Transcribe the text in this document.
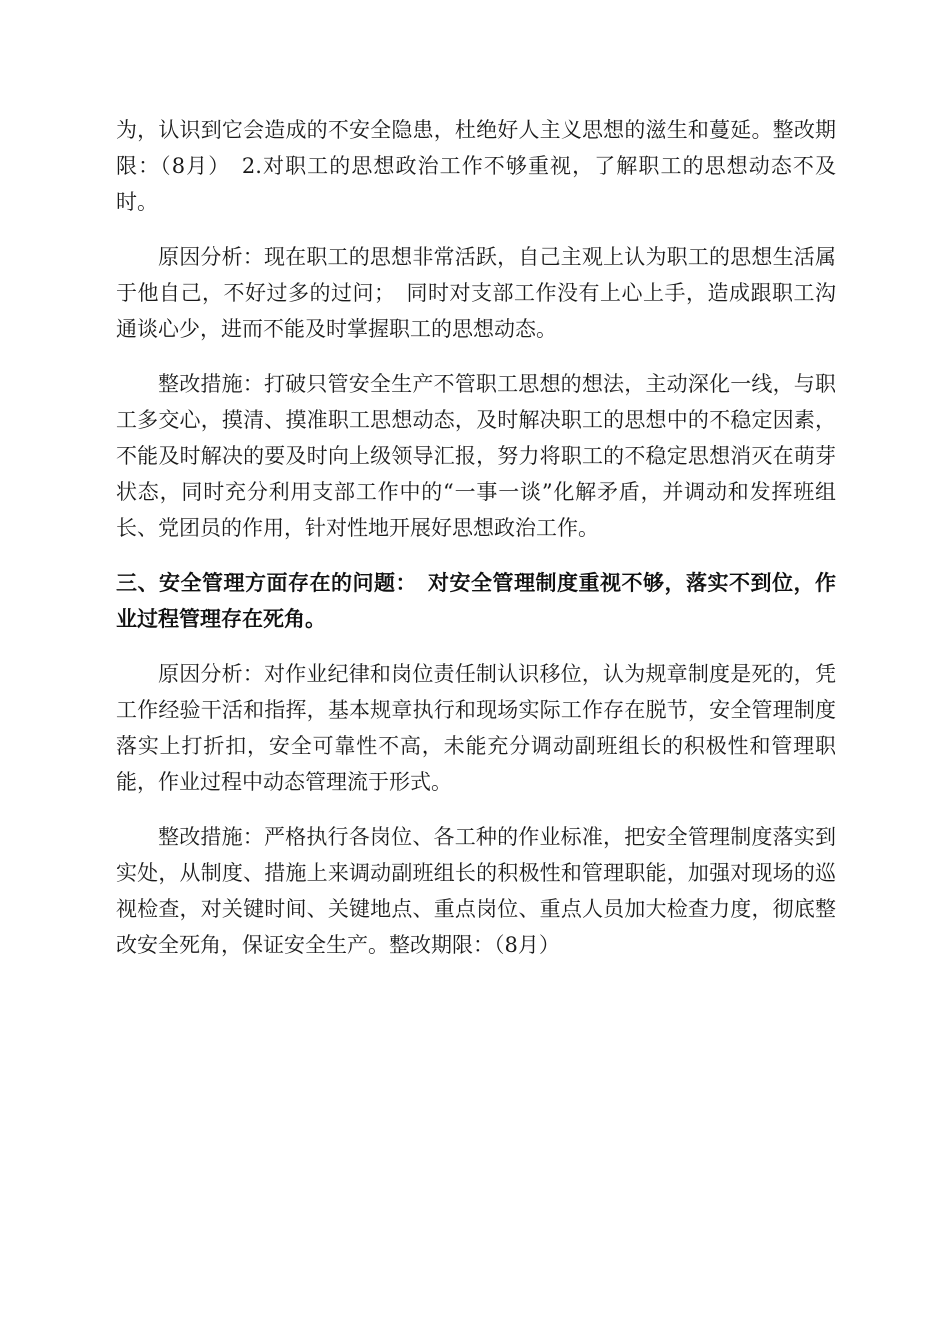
为，认识到它会造成的不安全隐患，杜绝好人主义思想的滋生和蔓延。整改期限：（8月）　2.对职工的思想政治工作不够重视，了解职工的思想动态不及时。

原因分析：现在职工的思想非常活跃，自己主观上认为职工的思想生活属于他自己，不好过多的过问；　同时对支部工作没有上心上手，造成跟职工沟通谈心少，进而不能及时掌握职工的思想动态。

整改措施：打破只管安全生产不管职工思想的想法，主动深化一线，与职工多交心，摸清、摸准职工思想动态，及时解决职工的思想中的不稳定因素，不能及时解决的要及时向上级领导汇报，努力将职工的不稳定思想消灭在萌芽状态，同时充分利用支部工作中的“一事一谈”化解矛盾，并调动和发挥班组长、党团员的作用，针对性地开展好思想政治工作。

三、安全管理方面存在的问题：　对安全管理制度重视不够，落实不到位，作业过程管理存在死角。

原因分析：对作业纪律和岗位责任制认识移位，认为规章制度是死的，凭工作经验干活和指挥，基本规章执行和现场实际工作存在脱节，安全管理制度落实上打折扣，安全可靠性不高，未能充分调动副班组长的积极性和管理职能，作业过程中动态管理流于形式。

整改措施：严格执行各岗位、各工种的作业标准，把安全管理制度落实到实处，从制度、措施上来调动副班组长的积极性和管理职能，加强对现场的巡视检查，对关键时间、关键地点、重点岗位、重点人员加大检查力度，彻底整改安全死角，保证安全生产。整改期限：（8月）
